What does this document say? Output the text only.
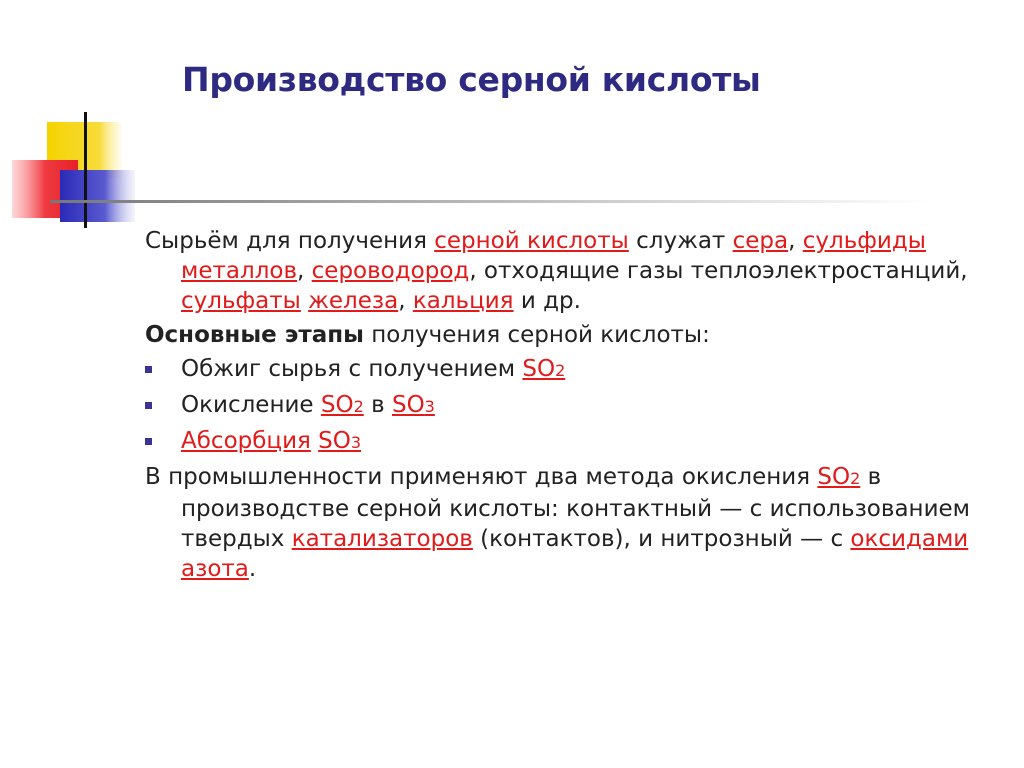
Производство серной кислоты

Сырьём для получения серной кислоты служат сера, сульфиды металлов, сероводород, отходящие газы теплоэлектростанций, сульфаты железа, кальция и др.

Основные этапы получения серной кислоты:

Обжиг сырья с получением SO2

Окисление SO2 в SO3

Абсорбция SO3

В промышленности применяют два метода окисления SO2 в производстве серной кислоты: контактный — с использованием твердых катализаторов (контактов), и нитрозный — с оксидами азота.
